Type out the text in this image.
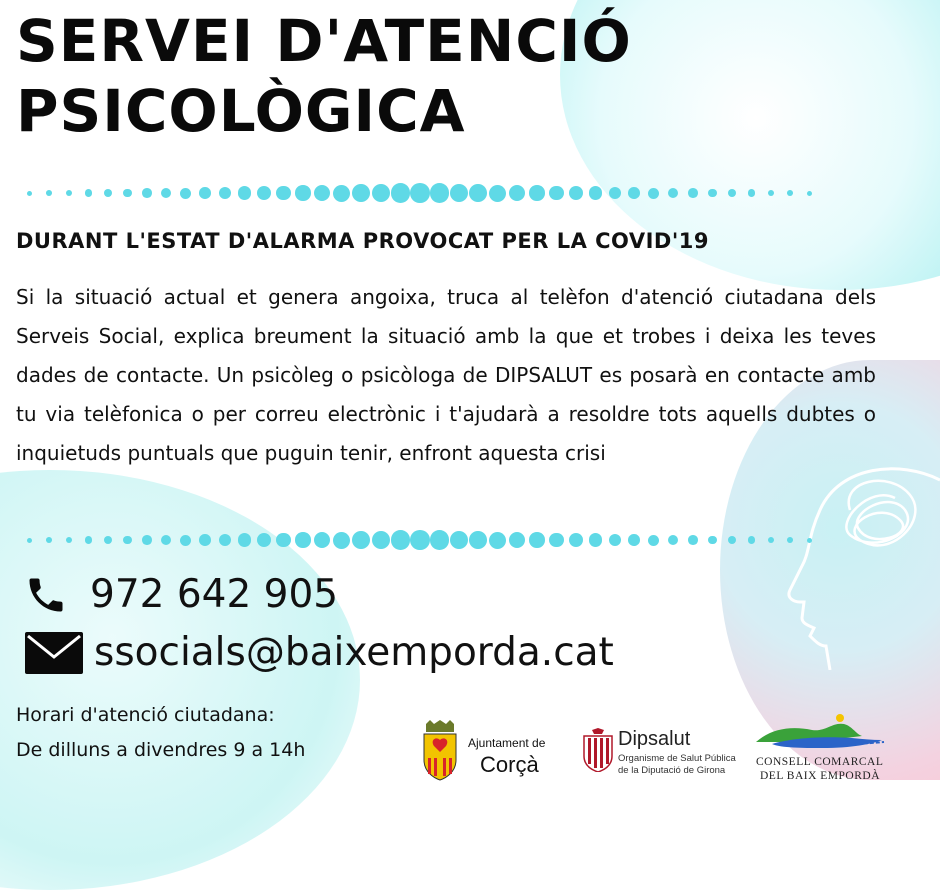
SERVEI D'ATENCIÓ
PSICOLÒGICA
DURANT L'ESTAT D'ALARMA PROVOCAT PER LA COVID'19

Si la situació actual et genera angoixa, truca al telèfon d'atenció ciutadana dels Serveis Social, explica breument la situació amb la que et trobes i deixa les teves dades de contacte. Un psicòleg o psicòloga de DIPSALUT es posarà en contacte amb tu via telèfonica o per correu electrònic i t'ajudarà a resoldre tots aquells dubtes o inquietuds puntuals que puguin tenir, enfront aquesta crisi

972 642 905
ssocials@baixemporda.cat
Horari d'atenció ciutadana:
De dilluns a divendres 9 a 14h	Ajuntament de
Corçà
Dipsalut
Organisme de Salut Pública
de la Diputació de Girona
CONSELL COMARCAL
DEL BAIX EMPORDÀ
